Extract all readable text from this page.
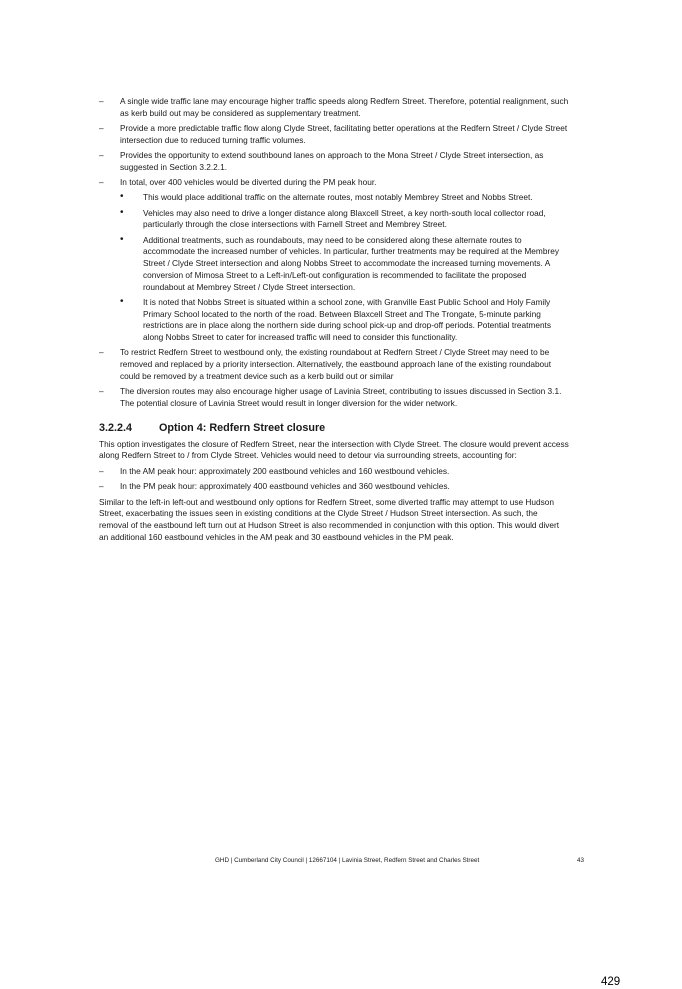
– A single wide traffic lane may encourage higher traffic speeds along Redfern Street. Therefore, potential realignment, such as kerb build out may be considered as supplementary treatment.
– Provide a more predictable traffic flow along Clyde Street, facilitating better operations at the Redfern Street / Clyde Street intersection due to reduced turning traffic volumes.
– Provides the opportunity to extend southbound lanes on approach to the Mona Street / Clyde Street intersection, as suggested in Section 3.2.2.1.
– In total, over 400 vehicles would be diverted during the PM peak hour.
• This would place additional traffic on the alternate routes, most notably Membrey Street and Nobbs Street.
• Vehicles may also need to drive a longer distance along Blaxcell Street, a key north-south local collector road, particularly through the close intersections with Farnell Street and Membrey Street.
• Additional treatments, such as roundabouts, may need to be considered along these alternate routes to accommodate the increased number of vehicles. In particular, further treatments may be required at the Membrey Street / Clyde Street intersection and along Nobbs Street to accommodate the increased turning movements. A conversion of Mimosa Street to a Left-in/Left-out configuration is recommended to facilitate the proposed roundabout at Membrey Street / Clyde Street intersection.
• It is noted that Nobbs Street is situated within a school zone, with Granville East Public School and Holy Family Primary School located to the north of the road. Between Blaxcell Street and The Trongate, 5-minute parking restrictions are in place along the northern side during school pick-up and drop-off periods. Potential treatments along Nobbs Street to cater for increased traffic will need to consider this functionality.
– To restrict Redfern Street to westbound only, the existing roundabout at Redfern Street / Clyde Street may need to be removed and replaced by a priority intersection. Alternatively, the eastbound approach lane of the existing roundabout could be removed by a treatment device such as a kerb build out or similar
– The diversion routes may also encourage higher usage of Lavinia Street, contributing to issues discussed in Section 3.1. The potential closure of Lavinia Street would result in longer diversion for the wider network.
3.2.2.4	Option 4: Redfern Street closure

This option investigates the closure of Redfern Street, near the intersection with Clyde Street. The closure would prevent access along Redfern Street to / from Clyde Street. Vehicles would need to detour via surrounding streets, accounting for:

– In the AM peak hour: approximately 200 eastbound vehicles and 160 westbound vehicles.
– In the PM peak hour: approximately 400 eastbound vehicles and 360 westbound vehicles.

Similar to the left-in left-out and westbound only options for Redfern Street, some diverted traffic may attempt to use Hudson Street, exacerbating the issues seen in existing conditions at the Clyde Street / Hudson Street intersection. As such, the removal of the eastbound left turn out at Hudson Street is also recommended in conjunction with this option. This would divert an additional 160 eastbound vehicles in the AM peak and 30 eastbound vehicles in the PM peak.

GHD | Cumberland City Council | 12667104 | Lavinia Street, Redfern Street and Charles Street	43
429
